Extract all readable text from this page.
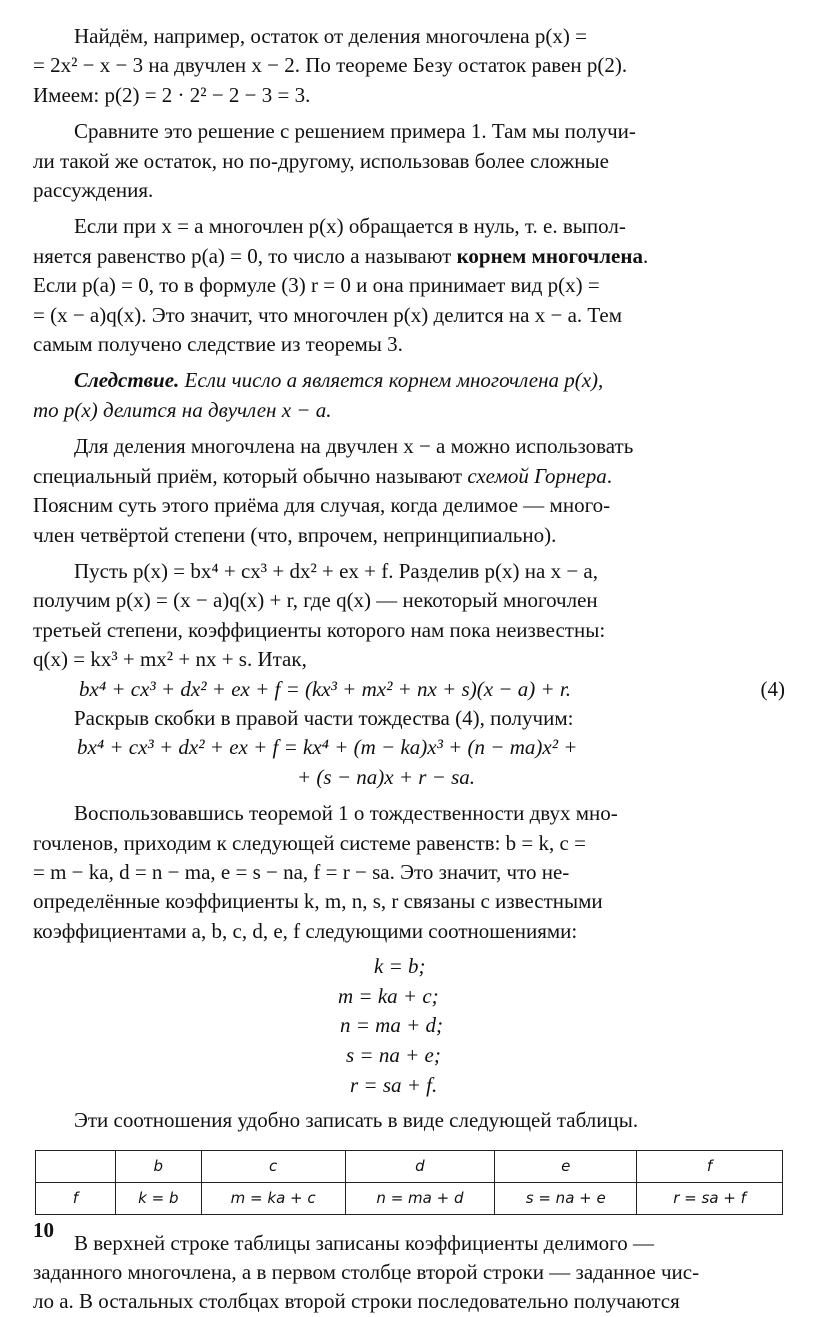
Найдём, например, остаток от деления многочлена p(x) =
= 2x² − x − 3 на двучлен x − 2. По теореме Безу остаток равен p(2).
Имеем: p(2) = 2 · 2² − 2 − 3 = 3.

Сравните это решение с решением примера 1. Там мы получи-
ли такой же остаток, но по-другому, использовав более сложные
рассуждения.

Если при x = a многочлен p(x) обращается в нуль, т. е. выпол-
няется равенство p(a) = 0, то число a называют корнем многочлена.
Если p(a) = 0, то в формуле (3) r = 0 и она принимает вид p(x) =
= (x − a)q(x). Это значит, что многочлен p(x) делится на x − a. Тем
самым получено следствие из теоремы 3.

Следствие. Если число a является корнем многочлена p(x),
то p(x) делится на двучлен x − a.

Для деления многочлена на двучлен x − a можно использовать
специальный приём, который обычно называют схемой Горнера.
Поясним суть этого приёма для случая, когда делимое — много-
член четвёртой степени (что, впрочем, непринципиально).

Пусть p(x) = bx⁴ + cx³ + dx² + ex + f. Разделив p(x) на x − a,
получим p(x) = (x − a)q(x) + r, где q(x) — некоторый многочлен
третьей степени, коэффициенты которого нам пока неизвестны:
q(x) = kx³ + mx² + nx + s. Итак,

bx⁴ + cx³ + dx² + ex + f = (kx³ + mx² + nx + s)(x − a) + r.	(4)

Раскрыв скобки в правой части тождества (4), получим:

bx⁴ + cx³ + dx² + ex + f = kx⁴ + (m − ka)x³ + (n − ma)x² +
+ (s − na)x + r − sa.

Воспользовавшись теоремой 1 о тождественности двух мно-
гочленов, приходим к следующей системе равенств: b = k, c =
= m − ka, d = n − ma, e = s − na, f = r − sa. Это значит, что не-
определённые коэффициенты k, m, n, s, r связаны с известными
коэффициентами a, b, c, d, e, f следующими соотношениями:

k = b;
m = ka + c;
n = ma + d;
s = na + e;
r = sa + f.

Эти соотношения удобно записать в виде следующей таблицы.

	b	c	d	e	f
f	k = b	m = ka + c	n = ma + d	s = na + e	r = sa + f

В верхней строке таблицы записаны коэффициенты делимого —
заданного многочлена, а в первом столбце второй строки — заданное чис-
ло a. В остальных столбцах второй строки последовательно получаются

10
